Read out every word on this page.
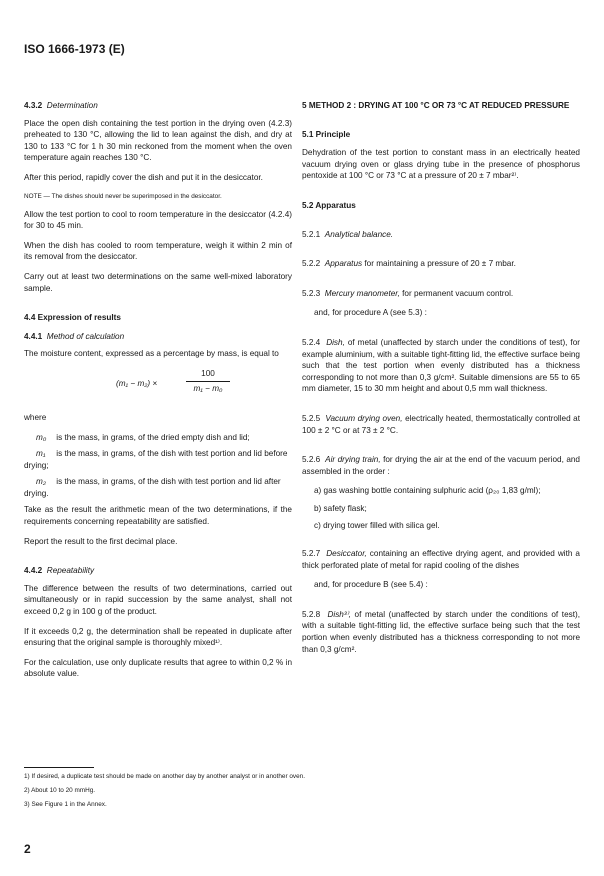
ISO 1666-1973 (E)
4.3.2 Determination

Place the open dish containing the test portion in the drying oven (4.2.3) preheated to 130 °C, allowing the lid to lean against the dish, and dry at 130 to 133 °C for 1 h 30 min reckoned from the moment when the oven temperature again reaches 130 °C.

After this period, rapidly cover the dish and put it in the desiccator.

NOTE — The dishes should never be superimposed in the desiccator.

Allow the test portion to cool to room temperature in the desiccator (4.2.4) for 30 to 45 min.

When the dish has cooled to room temperature, weigh it within 2 min of its removal from the desiccator.

Carry out at least two determinations on the same well-mixed laboratory sample.

4.4 Expression of results
4.4.1 Method of calculation

The moisture content, expressed as a percentage by mass, is equal to

(m₁ − m₂) ×	$\frac{100}{\text{m₁ − m₀}}$

where

m₀ is the mass, in grams, of the dried empty dish and lid;
m₁ is the mass, in grams, of the dish with test portion and lid before drying;
m₂ is the mass, in grams, of the dish with test portion and lid after drying.

Take as the result the arithmetic mean of the two determinations, if the requirements concerning repeatability are satisfied.

Report the result to the first decimal place.

4.4.2 Repeatability

The difference between the results of two determinations, carried out simultaneously or in rapid succession by the same analyst, shall not exceed 0,2 g in 100 g of the product.

If it exceeds 0,2 g, the determination shall be repeated in duplicate after ensuring that the original sample is thoroughly mixed¹⁾.

For the calculation, use only duplicate results that agree to within 0,2 % in absolute value.

5 METHOD 2 : DRYING AT 100 °C OR 73 °C AT REDUCED PRESSURE
5.1 Principle

Dehydration of the test portion to constant mass in an electrically heated vacuum drying oven or glass drying tube in the presence of phosphorus pentoxide at 100 °C or 73 °C at a pressure of 20 ± 7 mbar²⁾.

5.2 Apparatus

5.2.1 Analytical balance.

5.2.2 Apparatus for maintaining a pressure of 20 ± 7 mbar.

5.2.3 Mercury manometer, for permanent vacuum control.

and, for procedure A (see 5.3) :

5.2.4 Dish, of metal (unaffected by starch under the conditions of test), for example aluminium, with a suitable tight-fitting lid, the effective surface being such that the test portion when evenly distributed has a thickness corresponding to not more than 0,3 g/cm². Suitable dimensions are 55 to 65 mm diameter, 15 to 30 mm height and about 0,5 mm wall thickness.

5.2.5 Vacuum drying oven, electrically heated, thermostatically controlled at 100 ± 2 °C or at 73 ± 2 °C.

5.2.6 Air drying train, for drying the air at the end of the vacuum period, and assembled in the order :

a) gas washing bottle containing sulphuric acid (ρ₂₀ 1,83 g/ml);
b) safety flask;
c) drying tower filled with silica gel.

5.2.7 Desiccator, containing an effective drying agent, and provided with a thick perforated plate of metal for rapid cooling of the dishes

and, for procedure B (see 5.4) :

5.2.8 Dish³⁾, of metal (unaffected by starch under the conditions of test), with a suitable tight-fitting lid, the effective surface being such that the test portion when evenly distributed has a thickness corresponding to not more than 0,3 g/cm².

1) If desired, a duplicate test should be made on another day by another analyst or in another oven.
2) About 10 to 20 mmHg.
3) See Figure 1 in the Annex.
2
